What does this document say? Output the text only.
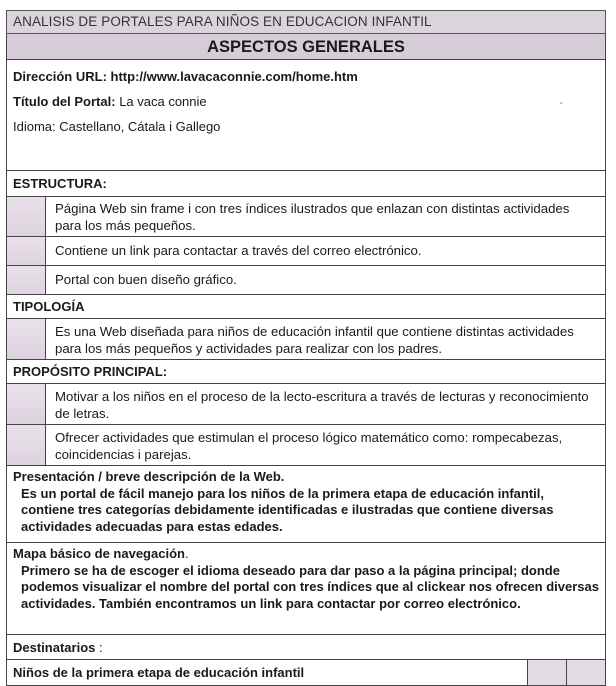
ANALISIS DE PORTALES PARA NIÑOS EN EDUCACION INFANTIL
ASPECTOS GENERALES
Dirección URL: http://www.lavacaconnie.com/home.htm
Título del Portal: La vaca connie
Idioma: Castellano, Cátala i Gallego
-
ESTRUCTURA:
Página Web sin frame i con tres índices ilustrados que enlazan con distintas actividades para los más pequeños.
Contiene un link para contactar a través del correo electrónico.
Portal con buen diseño gráfico.
TIPOLOGÍA
Es una Web diseñada para niños de educación infantil que contiene distintas actividades para los más pequeños y actividades para realizar con los padres.
PROPÓSITO PRINCIPAL:
Motivar a los niños en el proceso de la lecto-escritura a través de lecturas y reconocimiento de letras.
Ofrecer actividades que estimulan el proceso lógico matemático como: rompecabezas, coincidencias i parejas.
Presentación / breve descripción de la Web.
Es un portal de fácil manejo para los niños de la primera etapa de educación infantil, contiene tres categorías debidamente identificadas e ilustradas que contiene diversas actividades adecuadas para estas edades.
Mapa básico de navegación.
Primero se ha de escoger el idioma deseado para dar paso a la página principal; donde podemos visualizar el nombre del portal con tres índices que al clickear nos ofrecen diversas actividades. También encontramos un link para contactar por correo electrónico.
Destinatarios :
Niños de la primera etapa de educación infantil
